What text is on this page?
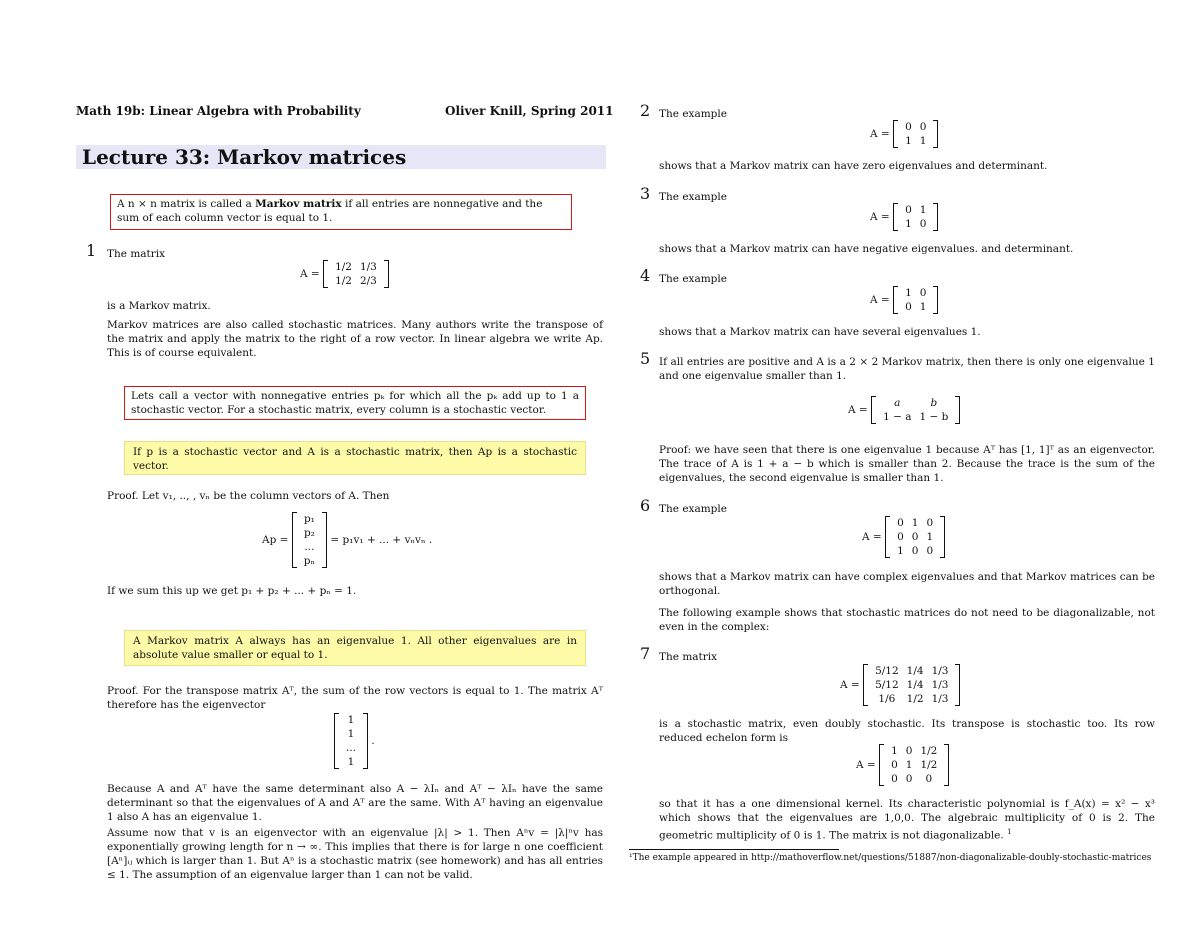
Math 19b: Linear Algebra with Probability	Oliver Knill, Spring 2011
Lecture 33: Markov matrices
A n × n matrix is called a Markov matrix if all entries are nonnegative and the sum of each column vector is equal to 1.
1 The matrix
A =
1/2	1/3
1/2	2/3
is a Markov matrix.
Markov matrices are also called stochastic matrices. Many authors write the transpose of the matrix and apply the matrix to the right of a row vector. In linear algebra we write Ap. This is of course equivalent.
Lets call a vector with nonnegative entries pₖ for which all the pₖ add up to 1 a stochastic vector. For a stochastic matrix, every column is a stochastic vector.
If p is a stochastic vector and A is a stochastic matrix, then Ap is a stochastic vector.
Proof. Let v₁, .., , vₙ be the column vectors of A. Then
Ap =
p₁
p₂
...
pₙ
= p₁v₁ + ... + vₙvₙ .
If we sum this up we get p₁ + p₂ + ... + pₙ = 1.
A Markov matrix A always has an eigenvalue 1. All other eigenvalues are in absolute value smaller or equal to 1.
Proof. For the transpose matrix Aᵀ, the sum of the row vectors is equal to 1. The matrix Aᵀ therefore has the eigenvector
1
1
...
1
.
Because A and Aᵀ have the same determinant also A − λIₙ and Aᵀ − λIₙ have the same determinant so that the eigenvalues of A and Aᵀ are the same. With Aᵀ having an eigenvalue 1 also A has an eigenvalue 1.
Assume now that v is an eigenvector with an eigenvalue |λ| > 1. Then Aⁿv = |λ|ⁿv has exponentially growing length for n → ∞. This implies that there is for large n one coefficient [Aⁿ]ᵢⱼ which is larger than 1. But Aⁿ is a stochastic matrix (see homework) and has all entries ≤ 1. The assumption of an eigenvalue larger than 1 can not be valid.
2 The example
A =
0	0
1	1
shows that a Markov matrix can have zero eigenvalues and determinant.
3 The example
A =
0	1
1	0
shows that a Markov matrix can have negative eigenvalues. and determinant.
4 The example
A =
1	0
0	1
shows that a Markov matrix can have several eigenvalues 1.
5 If all entries are positive and A is a 2 × 2 Markov matrix, then there is only one eigenvalue 1 and one eigenvalue smaller than 1.
A =
a	b
1 − a	1 − b
Proof: we have seen that there is one eigenvalue 1 because Aᵀ has [1, 1]ᵀ as an eigenvector. The trace of A is 1 + a − b which is smaller than 2. Because the trace is the sum of the eigenvalues, the second eigenvalue is smaller than 1.
6 The example
A =
0	1	0
0	0	1
1	0	0
shows that a Markov matrix can have complex eigenvalues and that Markov matrices can be orthogonal.
The following example shows that stochastic matrices do not need to be diagonalizable, not even in the complex:
7 The matrix
A =
5/12	1/4	1/3
5/12	1/4	1/3
1/6	1/2	1/3
is a stochastic matrix, even doubly stochastic. Its transpose is stochastic too. Its row reduced echelon form is
A =
1	0	1/2
0	1	1/2
0	0	0
so that it has a one dimensional kernel. Its characteristic polynomial is f_A(x) = x² − x³ which shows that the eigenvalues are 1,0,0. The algebraic multiplicity of 0 is 2. The geometric multiplicity of 0 is 1. The matrix is not diagonalizable. $^1$
¹The example appeared in http://mathoverflow.net/questions/51887/non-diagonalizable-doubly-stochastic-matrices
